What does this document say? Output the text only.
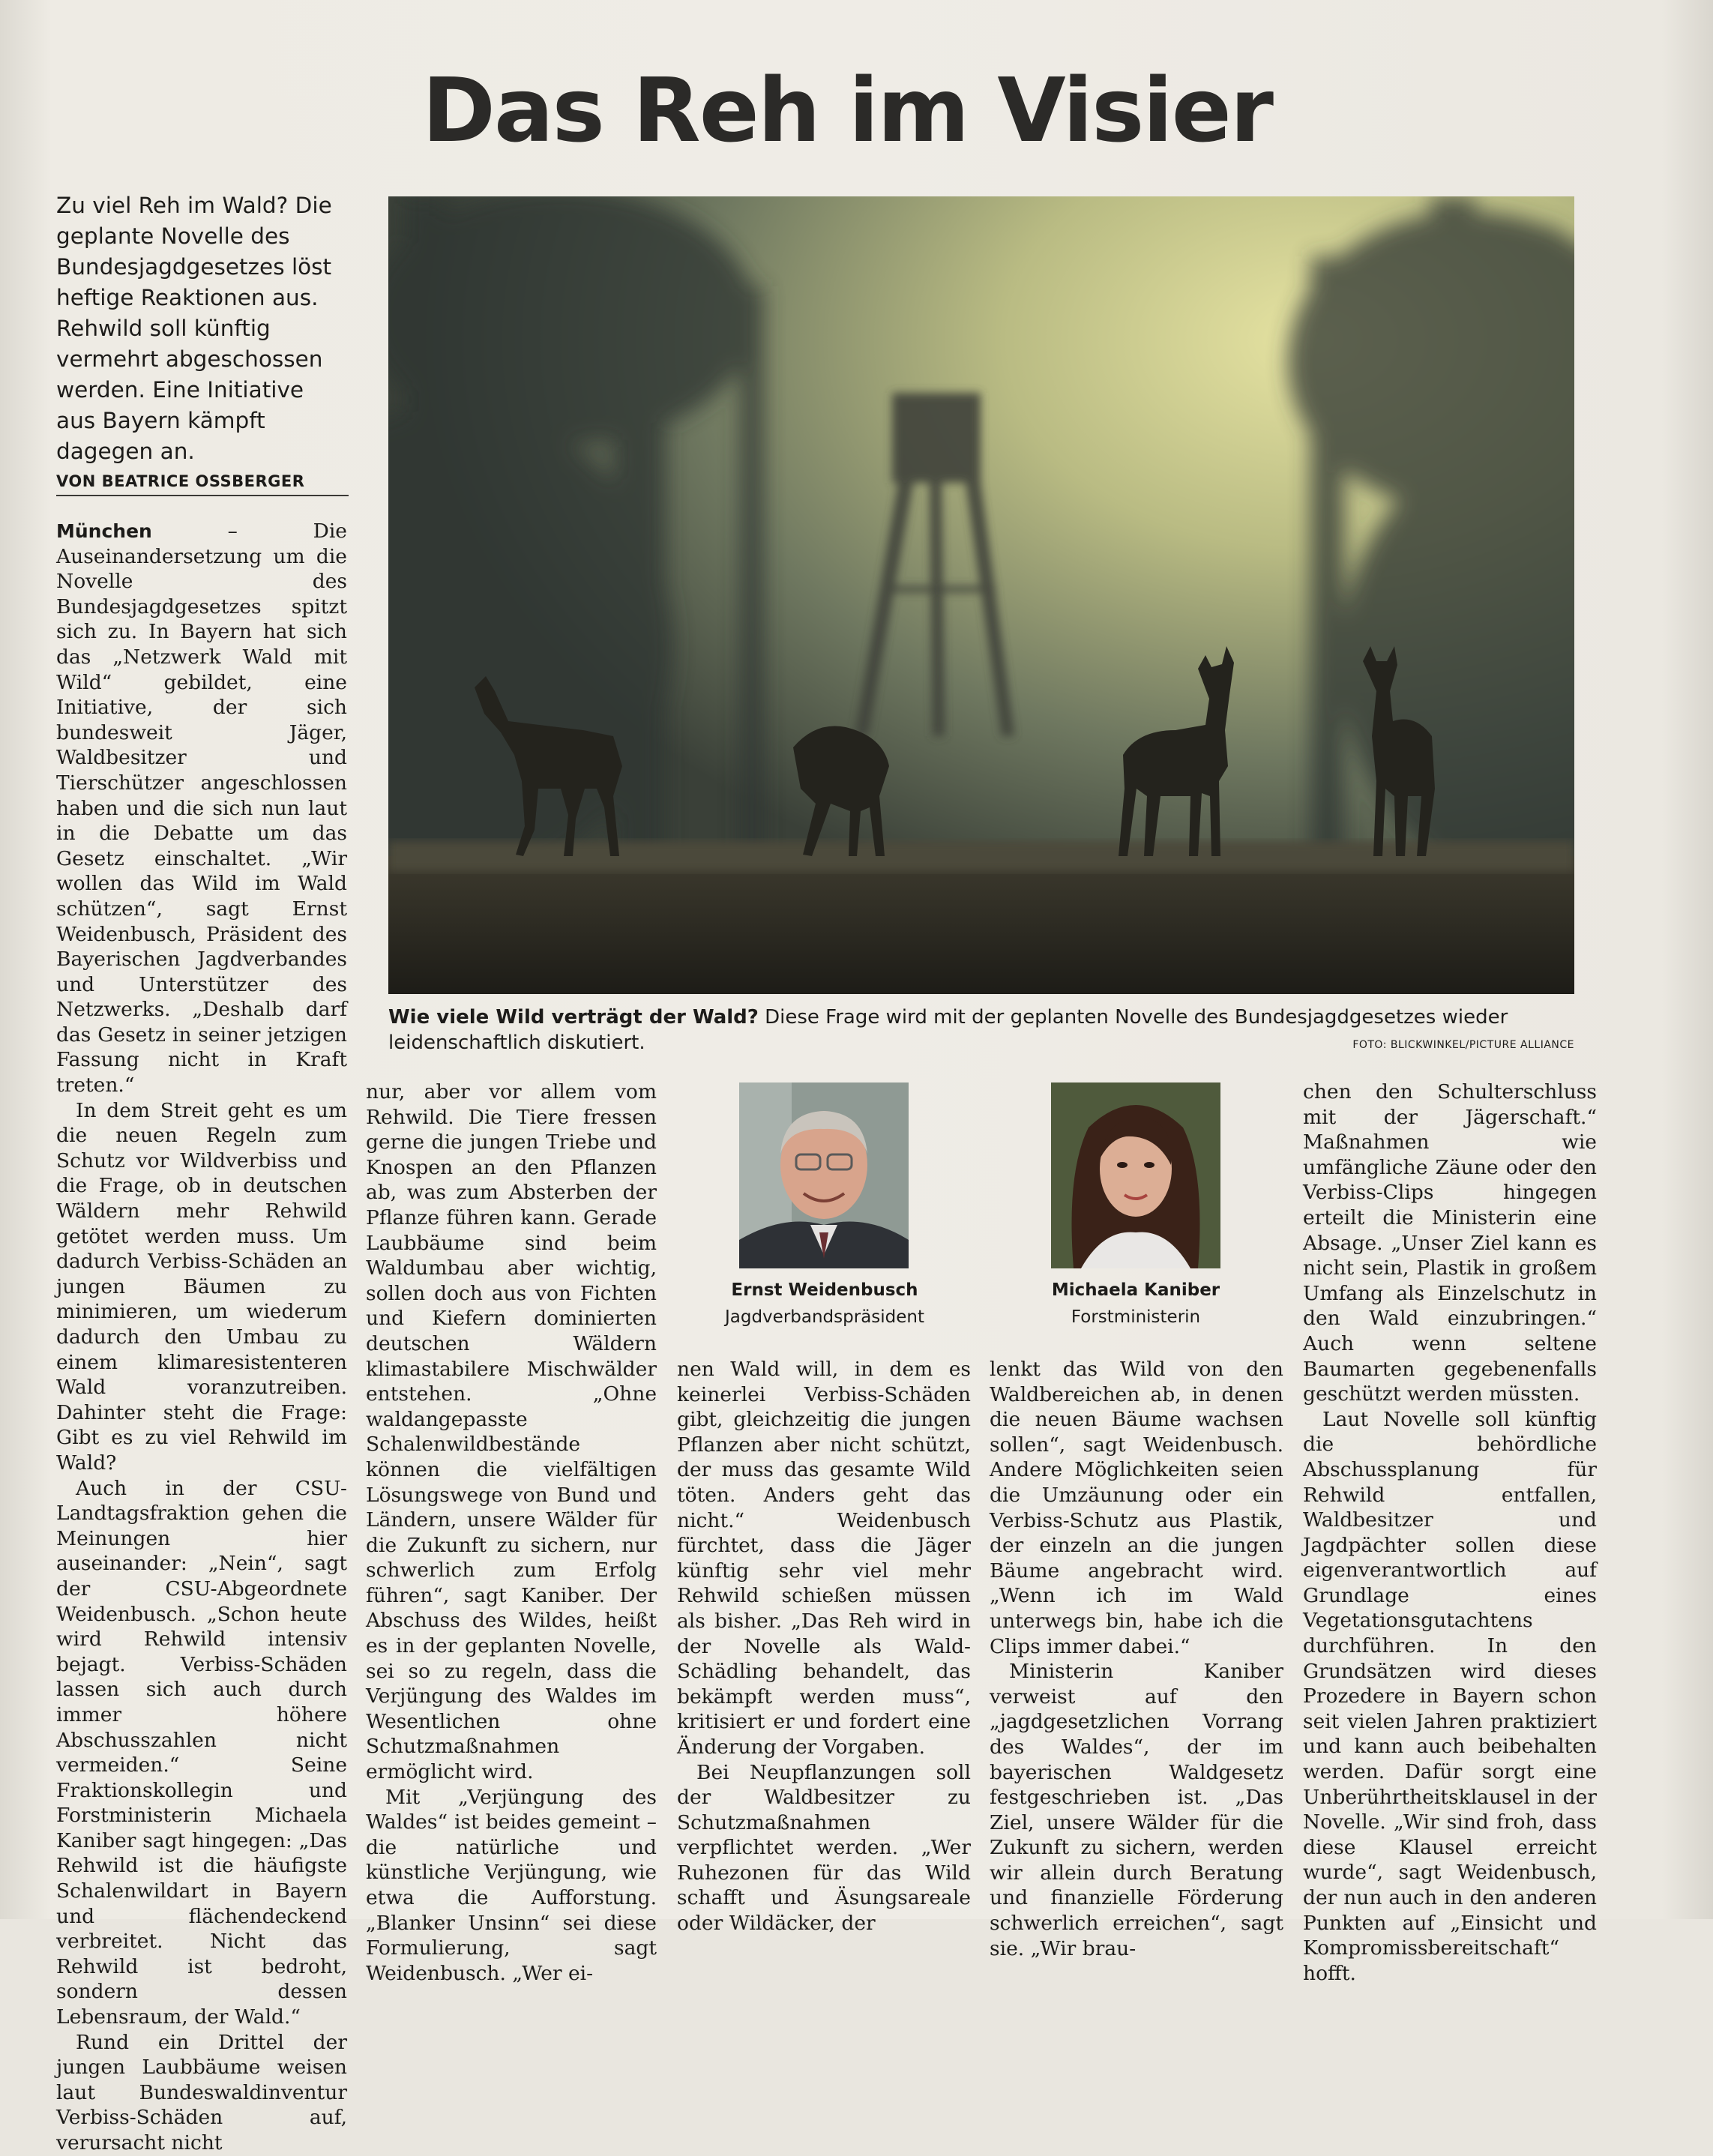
Das Reh im Visier
Zu viel Reh im Wald? Die geplante Novelle des Bundesjagdgesetzes löst heftige Reaktionen aus. Rehwild soll künftig vermehrt abgeschossen werden. Eine Initiative aus Bayern kämpft dagegen an.
VON BEATRICE OSSBERGER

München – Die Auseinandersetzung um die Novelle des Bundesjagdgesetzes spitzt sich zu. In Bayern hat sich das „Netzwerk Wald mit Wild“ gebildet, eine Initiative, der sich bundesweit Jäger, Waldbesitzer und Tierschützer angeschlossen haben und die sich nun laut in die Debatte um das Gesetz einschaltet. „Wir wollen das Wild im Wald schützen“, sagt Ernst Weidenbusch, Präsident des Bayerischen Jagdverbandes und Unterstützer des Netzwerks. „Deshalb darf das Gesetz in seiner jetzigen Fassung nicht in Kraft treten.“

In dem Streit geht es um die neuen Regeln zum Schutz vor Wildverbiss und die Frage, ob in deutschen Wäldern mehr Rehwild getötet werden muss. Um dadurch Verbiss-Schäden an jungen Bäumen zu minimieren, um wiederum dadurch den Umbau zu einem klimaresistenteren Wald voranzutreiben. Dahinter steht die Frage: Gibt es zu viel Rehwild im Wald?

Auch in der CSU-Landtagsfraktion gehen die Meinungen hier auseinander: „Nein“, sagt der CSU-Abgeordnete Weidenbusch. „Schon heute wird Rehwild intensiv bejagt. Verbiss-Schäden lassen sich auch durch immer höhere Abschusszahlen nicht vermeiden.“ Seine Fraktionskollegin und Forstministerin Michaela Kaniber sagt hingegen: „Das Rehwild ist die häufigste Schalenwildart in Bayern und flächendeckend verbreitet. Nicht das Rehwild ist bedroht, sondern dessen Lebensraum, der Wald.“

Rund ein Drittel der jungen Laubbäume weisen laut Bundeswaldinventur Verbiss-Schäden auf, verursacht nicht

Wie viele Wild verträgt der Wald? Diese Frage wird mit der geplanten Novelle des Bundesjagdgesetzes wieder leidenschaftlich diskutiert.	FOTO: BLICKWINKEL/PICTURE ALLIANCE
Ernst Weidenbusch
Jagdverbandspräsident
Michaela Kaniber
Forstministerin

nur, aber vor allem vom Rehwild. Die Tiere fressen gerne die jungen Triebe und Knospen an den Pflanzen ab, was zum Absterben der Pflanze führen kann. Gerade Laubbäume sind beim Waldumbau aber wichtig, sollen doch aus von Fichten und Kiefern dominierten deutschen Wäldern klimastabilere Mischwälder entstehen. „Ohne waldangepasste Schalenwildbestände können die vielfältigen Lösungswege von Bund und Ländern, unsere Wälder für die Zukunft zu sichern, nur schwerlich zum Erfolg führen“, sagt Kaniber. Der Abschuss des Wildes, heißt es in der geplanten Novelle, sei so zu regeln, dass die Verjüngung des Waldes im Wesentlichen ohne Schutzmaßnahmen ermöglicht wird.

Mit „Verjüngung des Waldes“ ist beides gemeint – die natürliche und künstliche Verjüngung, wie etwa die Aufforstung. „Blanker Unsinn“ sei diese Formulierung, sagt Weidenbusch. „Wer ei-

nen Wald will, in dem es keinerlei Verbiss-Schäden gibt, gleichzeitig die jungen Pflanzen aber nicht schützt, der muss das gesamte Wild töten. Anders geht das nicht.“ Weidenbusch fürchtet, dass die Jäger künftig sehr viel mehr Rehwild schießen müssen als bisher. „Das Reh wird in der Novelle als Wald-Schädling behandelt, das bekämpft werden muss“, kritisiert er und fordert eine Änderung der Vorgaben.

Bei Neupflanzungen soll der Waldbesitzer zu Schutzmaßnahmen verpflichtet werden. „Wer Ruhezonen für das Wild schafft und Äsungsareale oder Wildäcker, der

lenkt das Wild von den Waldbereichen ab, in denen die neuen Bäume wachsen sollen“, sagt Weidenbusch. Andere Möglichkeiten seien die Umzäunung oder ein Verbiss-Schutz aus Plastik, der einzeln an die jungen Bäume angebracht wird. „Wenn ich im Wald unterwegs bin, habe ich die Clips immer dabei.“

Ministerin Kaniber verweist auf den „jagdgesetzlichen Vorrang des Waldes“, der im bayerischen Waldgesetz festgeschrieben ist. „Das Ziel, unsere Wälder für die Zukunft zu sichern, werden wir allein durch Beratung und finanzielle Förderung schwerlich erreichen“, sagt sie. „Wir brau-

chen den Schulterschluss mit der Jägerschaft.“ Maßnahmen wie umfängliche Zäune oder den Verbiss-Clips hingegen erteilt die Ministerin eine Absage. „Unser Ziel kann es nicht sein, Plastik in großem Umfang als Einzelschutz in den Wald einzubringen.“ Auch wenn seltene Baumarten gegebenenfalls geschützt werden müssten.

Laut Novelle soll künftig die behördliche Abschussplanung für Rehwild entfallen, Waldbesitzer und Jagdpächter sollen diese eigenverantwortlich auf Grundlage eines Vegetationsgutachtens durchführen. In den Grundsätzen wird dieses Prozedere in Bayern schon seit vielen Jahren praktiziert und kann auch beibehalten werden. Dafür sorgt eine Unberührtheitsklausel in der Novelle. „Wir sind froh, dass diese Klausel erreicht wurde“, sagt Weidenbusch, der nun auch in den anderen Punkten auf „Einsicht und Kompromissbereitschaft“ hofft.
